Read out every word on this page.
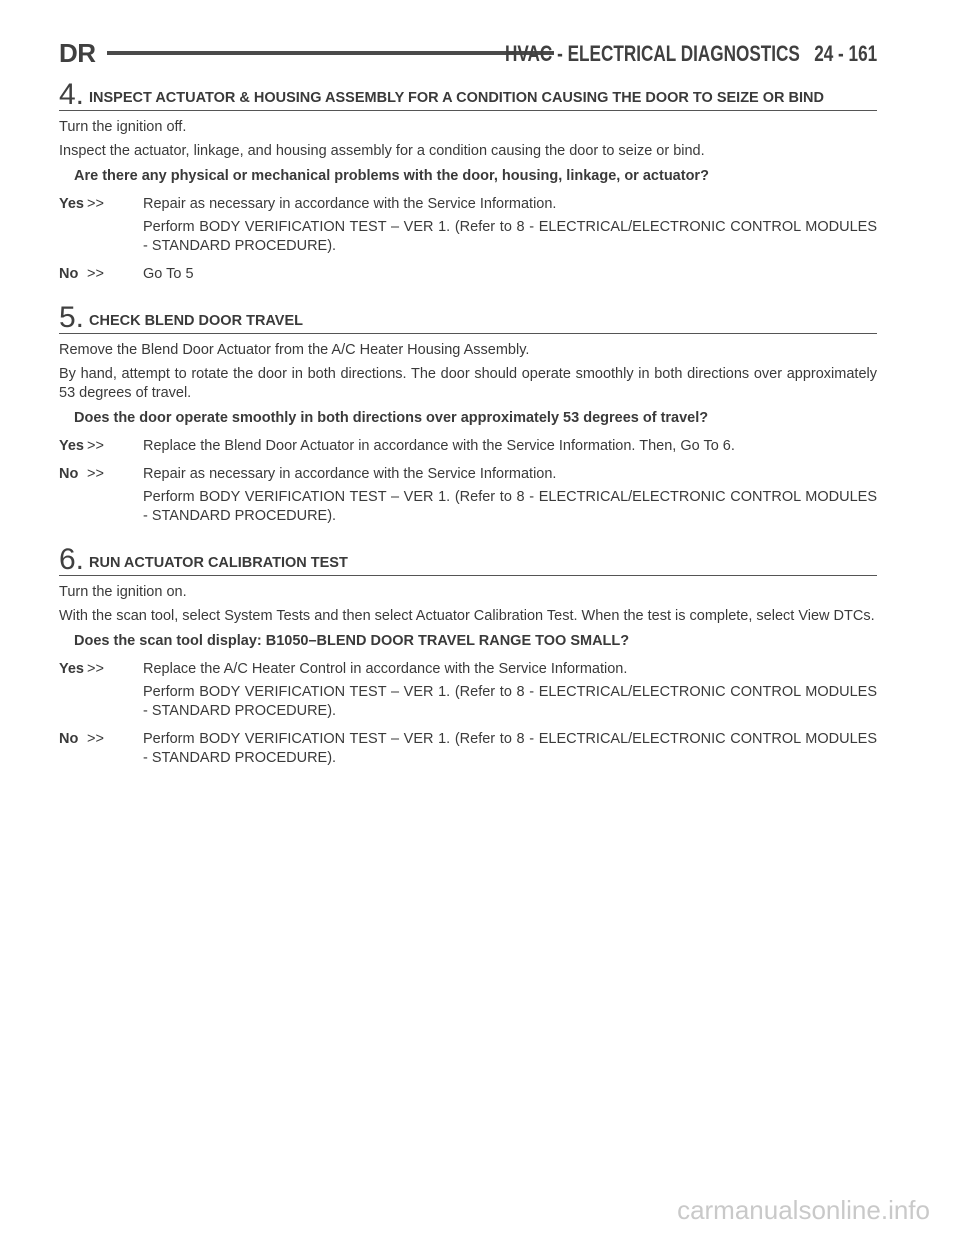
DR	HVAC - ELECTRICAL DIAGNOSTICS 24 - 161
4. INSPECT ACTUATOR & HOUSING ASSEMBLY FOR A CONDITION CAUSING THE DOOR TO SEIZE OR BIND

Turn the ignition off.

Inspect the actuator, linkage, and housing assembly for a condition causing the door to seize or bind.

Are there any physical or mechanical problems with the door, housing, linkage, or actuator?

Yes >>	Repair as necessary in accordance with the Service Information.

Perform BODY VERIFICATION TEST – VER 1. (Refer to 8 - ELECTRICAL/ELECTRONIC CONTROL MODULES - STANDARD PROCEDURE).

No >>	Go To 5

5. CHECK BLEND DOOR TRAVEL

Remove the Blend Door Actuator from the A/C Heater Housing Assembly.

By hand, attempt to rotate the door in both directions. The door should operate smoothly in both directions over approximately 53 degrees of travel.

Does the door operate smoothly in both directions over approximately 53 degrees of travel?

Yes >>	Replace the Blend Door Actuator in accordance with the Service Information. Then, Go To 6.

No >>	Repair as necessary in accordance with the Service Information.

Perform BODY VERIFICATION TEST – VER 1. (Refer to 8 - ELECTRICAL/ELECTRONIC CONTROL MODULES - STANDARD PROCEDURE).

6. RUN ACTUATOR CALIBRATION TEST

Turn the ignition on.

With the scan tool, select System Tests and then select Actuator Calibration Test. When the test is complete, select View DTCs.

Does the scan tool display: B1050–BLEND DOOR TRAVEL RANGE TOO SMALL?

Yes >>	Replace the A/C Heater Control in accordance with the Service Information.

Perform BODY VERIFICATION TEST – VER 1. (Refer to 8 - ELECTRICAL/ELECTRONIC CONTROL MODULES - STANDARD PROCEDURE).

No >>	Perform BODY VERIFICATION TEST – VER 1. (Refer to 8 - ELECTRICAL/ELECTRONIC CONTROL MODULES - STANDARD PROCEDURE).

carmanualsonline.info
